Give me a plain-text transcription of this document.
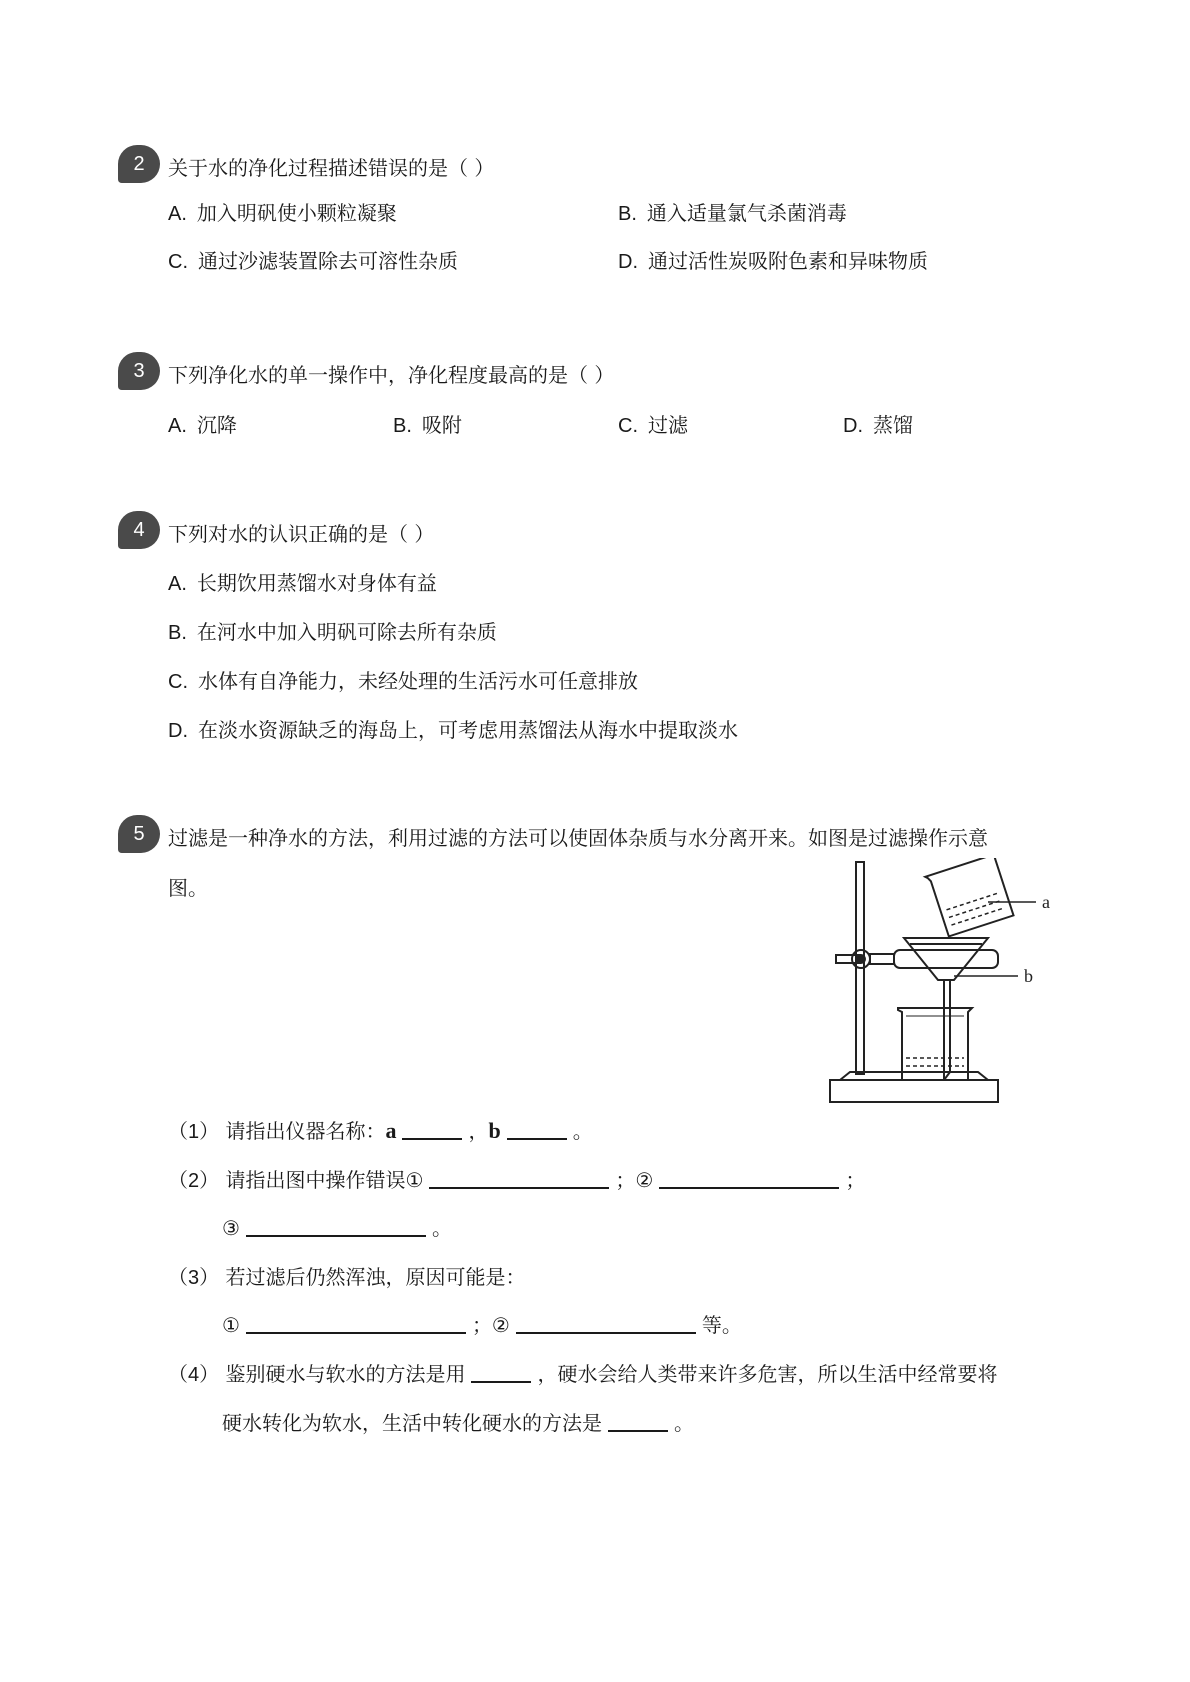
2	关于水的净化过程描述错误的是（ ）
A. 加入明矾使小颗粒凝聚	B. 通入适量氯气杀菌消毒
C. 通过沙滤装置除去可溶性杂质	D. 通过活性炭吸附色素和异味物质
3	下列净化水的单一操作中，净化程度最高的是（ ）
A. 沉降	B. 吸附	C. 过滤	D. 蒸馏
4	下列对水的认识正确的是（ ）
A. 长期饮用蒸馏水对身体有益
B. 在河水中加入明矾可除去所有杂质
C. 水体有自净能力，未经处理的生活污水可任意排放
D. 在淡水资源缺乏的海岛上，可考虑用蒸馏法从海水中提取淡水
5	过滤是一种净水的方法，利用过滤的方法可以使固体杂质与水分离开来。如图是过滤操作示意
图。
a
b
（1） 请指出仪器名称：a	，b	。
（2） 请指出图中操作错误①	；②	；
③	。
（3） 若过滤后仍然浑浊，原因可能是：
①	；②	等。
（4） 鉴别硬水与软水的方法是用	，硬水会给人类带来许多危害，所以生活中经常要将
硬水转化为软水，生活中转化硬水的方法是	。
